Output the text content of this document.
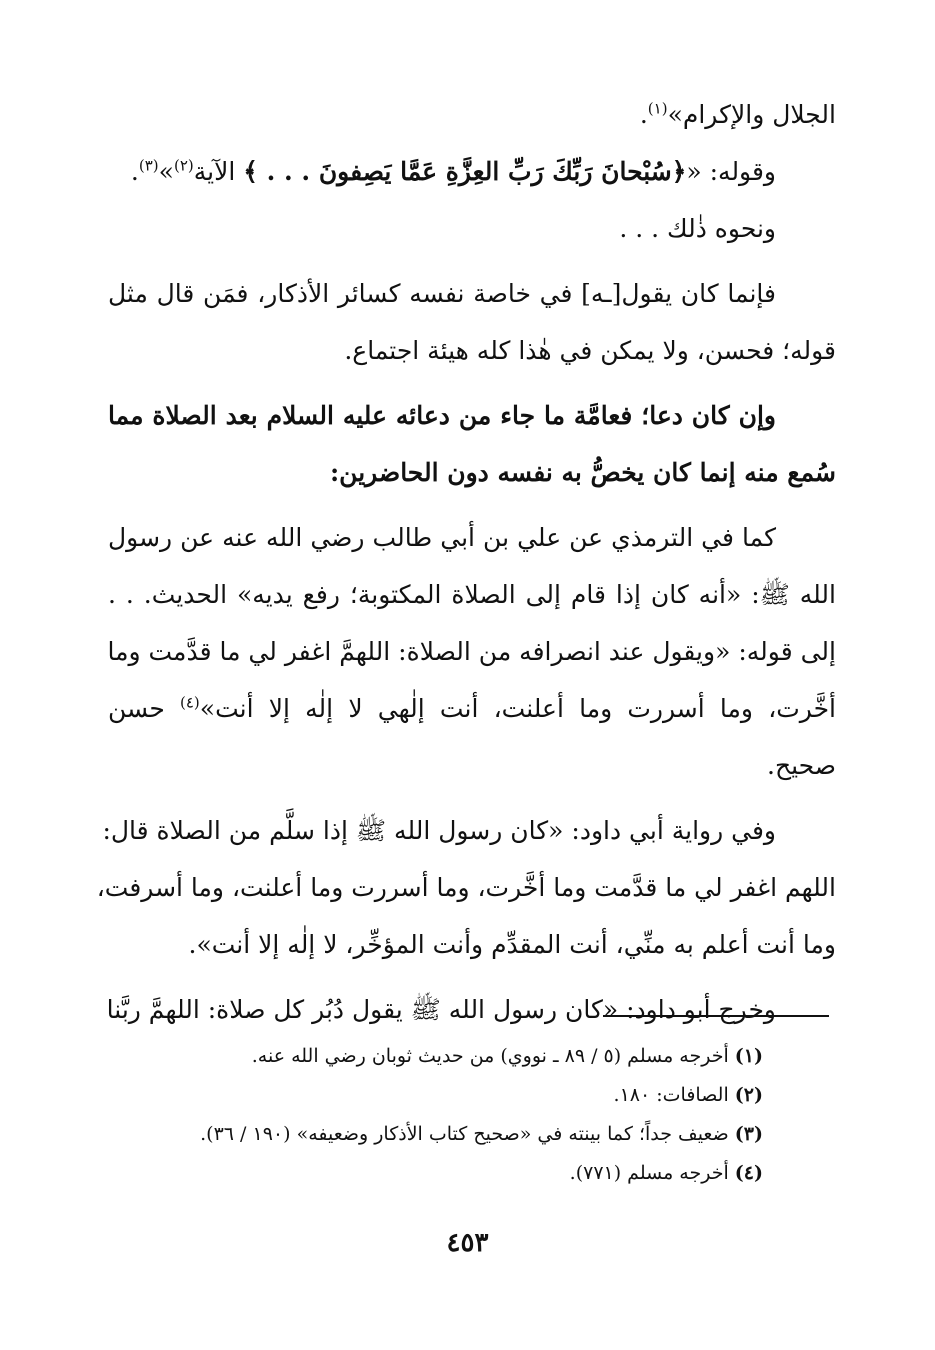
الجلال والإكرام»$^{(١)}$.
وقوله: «﴿سُبْحانَ رَبِّكَ رَبِّ العِزَّةِ عَمَّا يَصِفونَ . . . ﴾ الآية$^{(٢)}$»$^{(٣)}$.
ونحوه ذٰلك . . .
فإنما كان يقول[ـه] في خاصة نفسه كسائر الأذكار، فمَن قال مثل
قوله؛ فحسن، ولا يمكن في هٰذا كله هيئة اجتماع.
وإن كان دعا؛ فعامَّة ما جاء من دعائه عليه السلام بعد الصلاة مما
سُمع منه إنما كان يخصُّ به نفسه دون الحاضرين:
كما في الترمذي عن علي بن أبي طالب رضي الله عنه عن رسول
الله ﷺ: «أنه كان إذا قام إلى الصلاة المكتوبة؛ رفع يديه» الحديث. . .
إلى قوله: «ويقول عند انصرافه من الصلاة: اللهمَّ اغفر لي ما قدَّمت وما
أخَّرت، وما أسررت وما أعلنت، أنت إلٰهي لا إلٰه إلا أنت»$^{(٤)}$ حسن
صحيح.
وفي رواية أبي داود: «كان رسول الله ﷺ إذا سلَّم من الصلاة قال:
اللهم اغفر لي ما قدَّمت وما أخَّرت، وما أسررت وما أعلنت، وما أسرفت،
وما أنت أعلم به منِّي، أنت المقدِّم وأنت المؤخِّر، لا إلٰه إلا أنت».
وخرج أبو داود: «كان رسول الله ﷺ يقول دُبُر كل صلاة: اللهمَّ ربَّنا
(١) أخرجه مسلم (٥ / ٨٩ ـ نووي) من حديث ثوبان رضي الله عنه.
(٢) الصافات: ١٨٠.
(٣) ضعيف جداً؛ كما بينته في «صحيح كتاب الأذكار وضعيفه» (١٩٠ / ٣٦).
(٤) أخرجه مسلم (٧٧١).
٤٥٣
